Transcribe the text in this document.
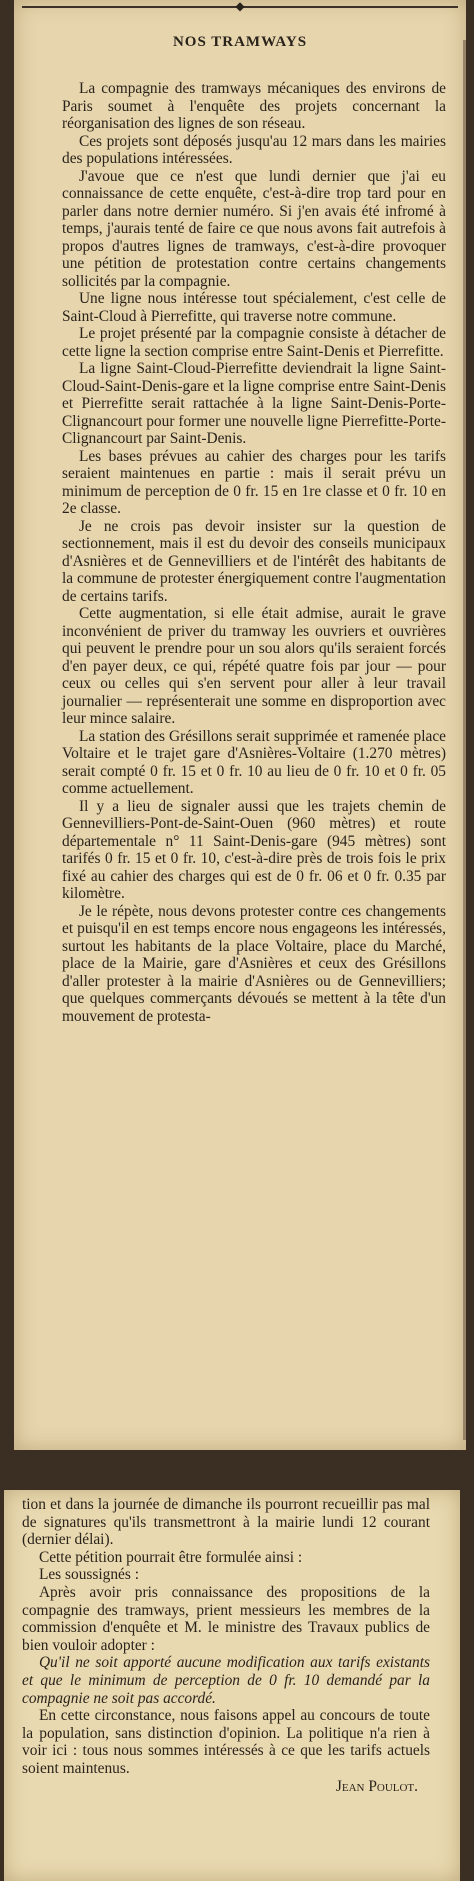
◆
NOS TRAMWAYS

La compagnie des tramways mécaniques des environs de Paris soumet à l'enquête des projets concernant la réorganisation des lignes de son réseau.

Ces projets sont déposés jusqu'au 12 mars dans les mairies des populations intéressées.

J'avoue que ce n'est que lundi dernier que j'ai eu connaissance de cette enquête, c'est-à-dire trop tard pour en parler dans notre dernier numéro. Si j'en avais été infromé à temps, j'aurais tenté de faire ce que nous avons fait autrefois à propos d'autres lignes de tramways, c'est-à-dire provoquer une pétition de protestation contre certains changements sollicités par la compagnie.

Une ligne nous intéresse tout spécialement, c'est celle de Saint-Cloud à Pierrefitte, qui traverse notre commune.

Le projet présenté par la compagnie consiste à détacher de cette ligne la section comprise entre Saint-Denis et Pierrefitte.

La ligne Saint-Cloud-Pierrefitte deviendrait la ligne Saint-Cloud-Saint-Denis-gare et la ligne comprise entre Saint-Denis et Pierrefitte serait rattachée à la ligne Saint-Denis-Porte-Clignancourt pour former une nouvelle ligne Pierrefitte-Porte-Clignancourt par Saint-Denis.

Les bases prévues au cahier des charges pour les tarifs seraient maintenues en partie : mais il serait prévu un minimum de perception de 0 fr. 15 en 1re classe et 0 fr. 10 en 2e classe.

Je ne crois pas devoir insister sur la question de sectionnement, mais il est du devoir des conseils municipaux d'Asnières et de Gennevilliers et de l'intérêt des habitants de la commune de protester énergiquement contre l'augmentation de certains tarifs.

Cette augmentation, si elle était admise, aurait le grave inconvénient de priver du tramway les ouvriers et ouvrières qui peuvent le prendre pour un sou alors qu'ils seraient forcés d'en payer deux, ce qui, répété quatre fois par jour — pour ceux ou celles qui s'en servent pour aller à leur travail journalier — représenterait une somme en disproportion avec leur mince salaire.

La station des Grésillons serait supprimée et ramenée place Voltaire et le trajet gare d'Asnières-Voltaire (1.270 mètres) serait compté 0 fr. 15 et 0 fr. 10 au lieu de 0 fr. 10 et 0 fr. 05 comme actuellement.

Il y a lieu de signaler aussi que les trajets chemin de Gennevilliers-Pont-de-Saint-Ouen (960 mètres) et route départementale n° 11 Saint-Denis-gare (945 mètres) sont tarifés 0 fr. 15 et 0 fr. 10, c'est-à-dire près de trois fois le prix fixé au cahier des charges qui est de 0 fr. 06 et 0 fr. 0.35 par kilomètre.

Je le répète, nous devons protester contre ces changements et puisqu'il en est temps encore nous engageons les intéressés, surtout les habitants de la place Voltaire, place du Marché, place de la Mairie, gare d'Asnières et ceux des Grésillons d'aller protester à la mairie d'Asnières ou de Gennevilliers; que quelques commerçants dévoués se mettent à la tête d'un mouvement de protesta-

tion et dans la journée de dimanche ils pourront recueillir pas mal de signatures qu'ils transmettront à la mairie lundi 12 courant (dernier délai).

Cette pétition pourrait être formulée ainsi :

Les soussignés :

Après avoir pris connaissance des propositions de la compagnie des tramways, prient messieurs les membres de la commission d'enquête et M. le ministre des Travaux publics de bien vouloir adopter :

Qu'il ne soit apporté aucune modification aux tarifs existants et que le minimum de perception de 0 fr. 10 demandé par la compagnie ne soit pas accordé.

En cette circonstance, nous faisons appel au concours de toute la population, sans distinction d'opinion. La politique n'a rien à voir ici : tous nous sommes intéressés à ce que les tarifs actuels soient maintenus.

Jean Poulot.
